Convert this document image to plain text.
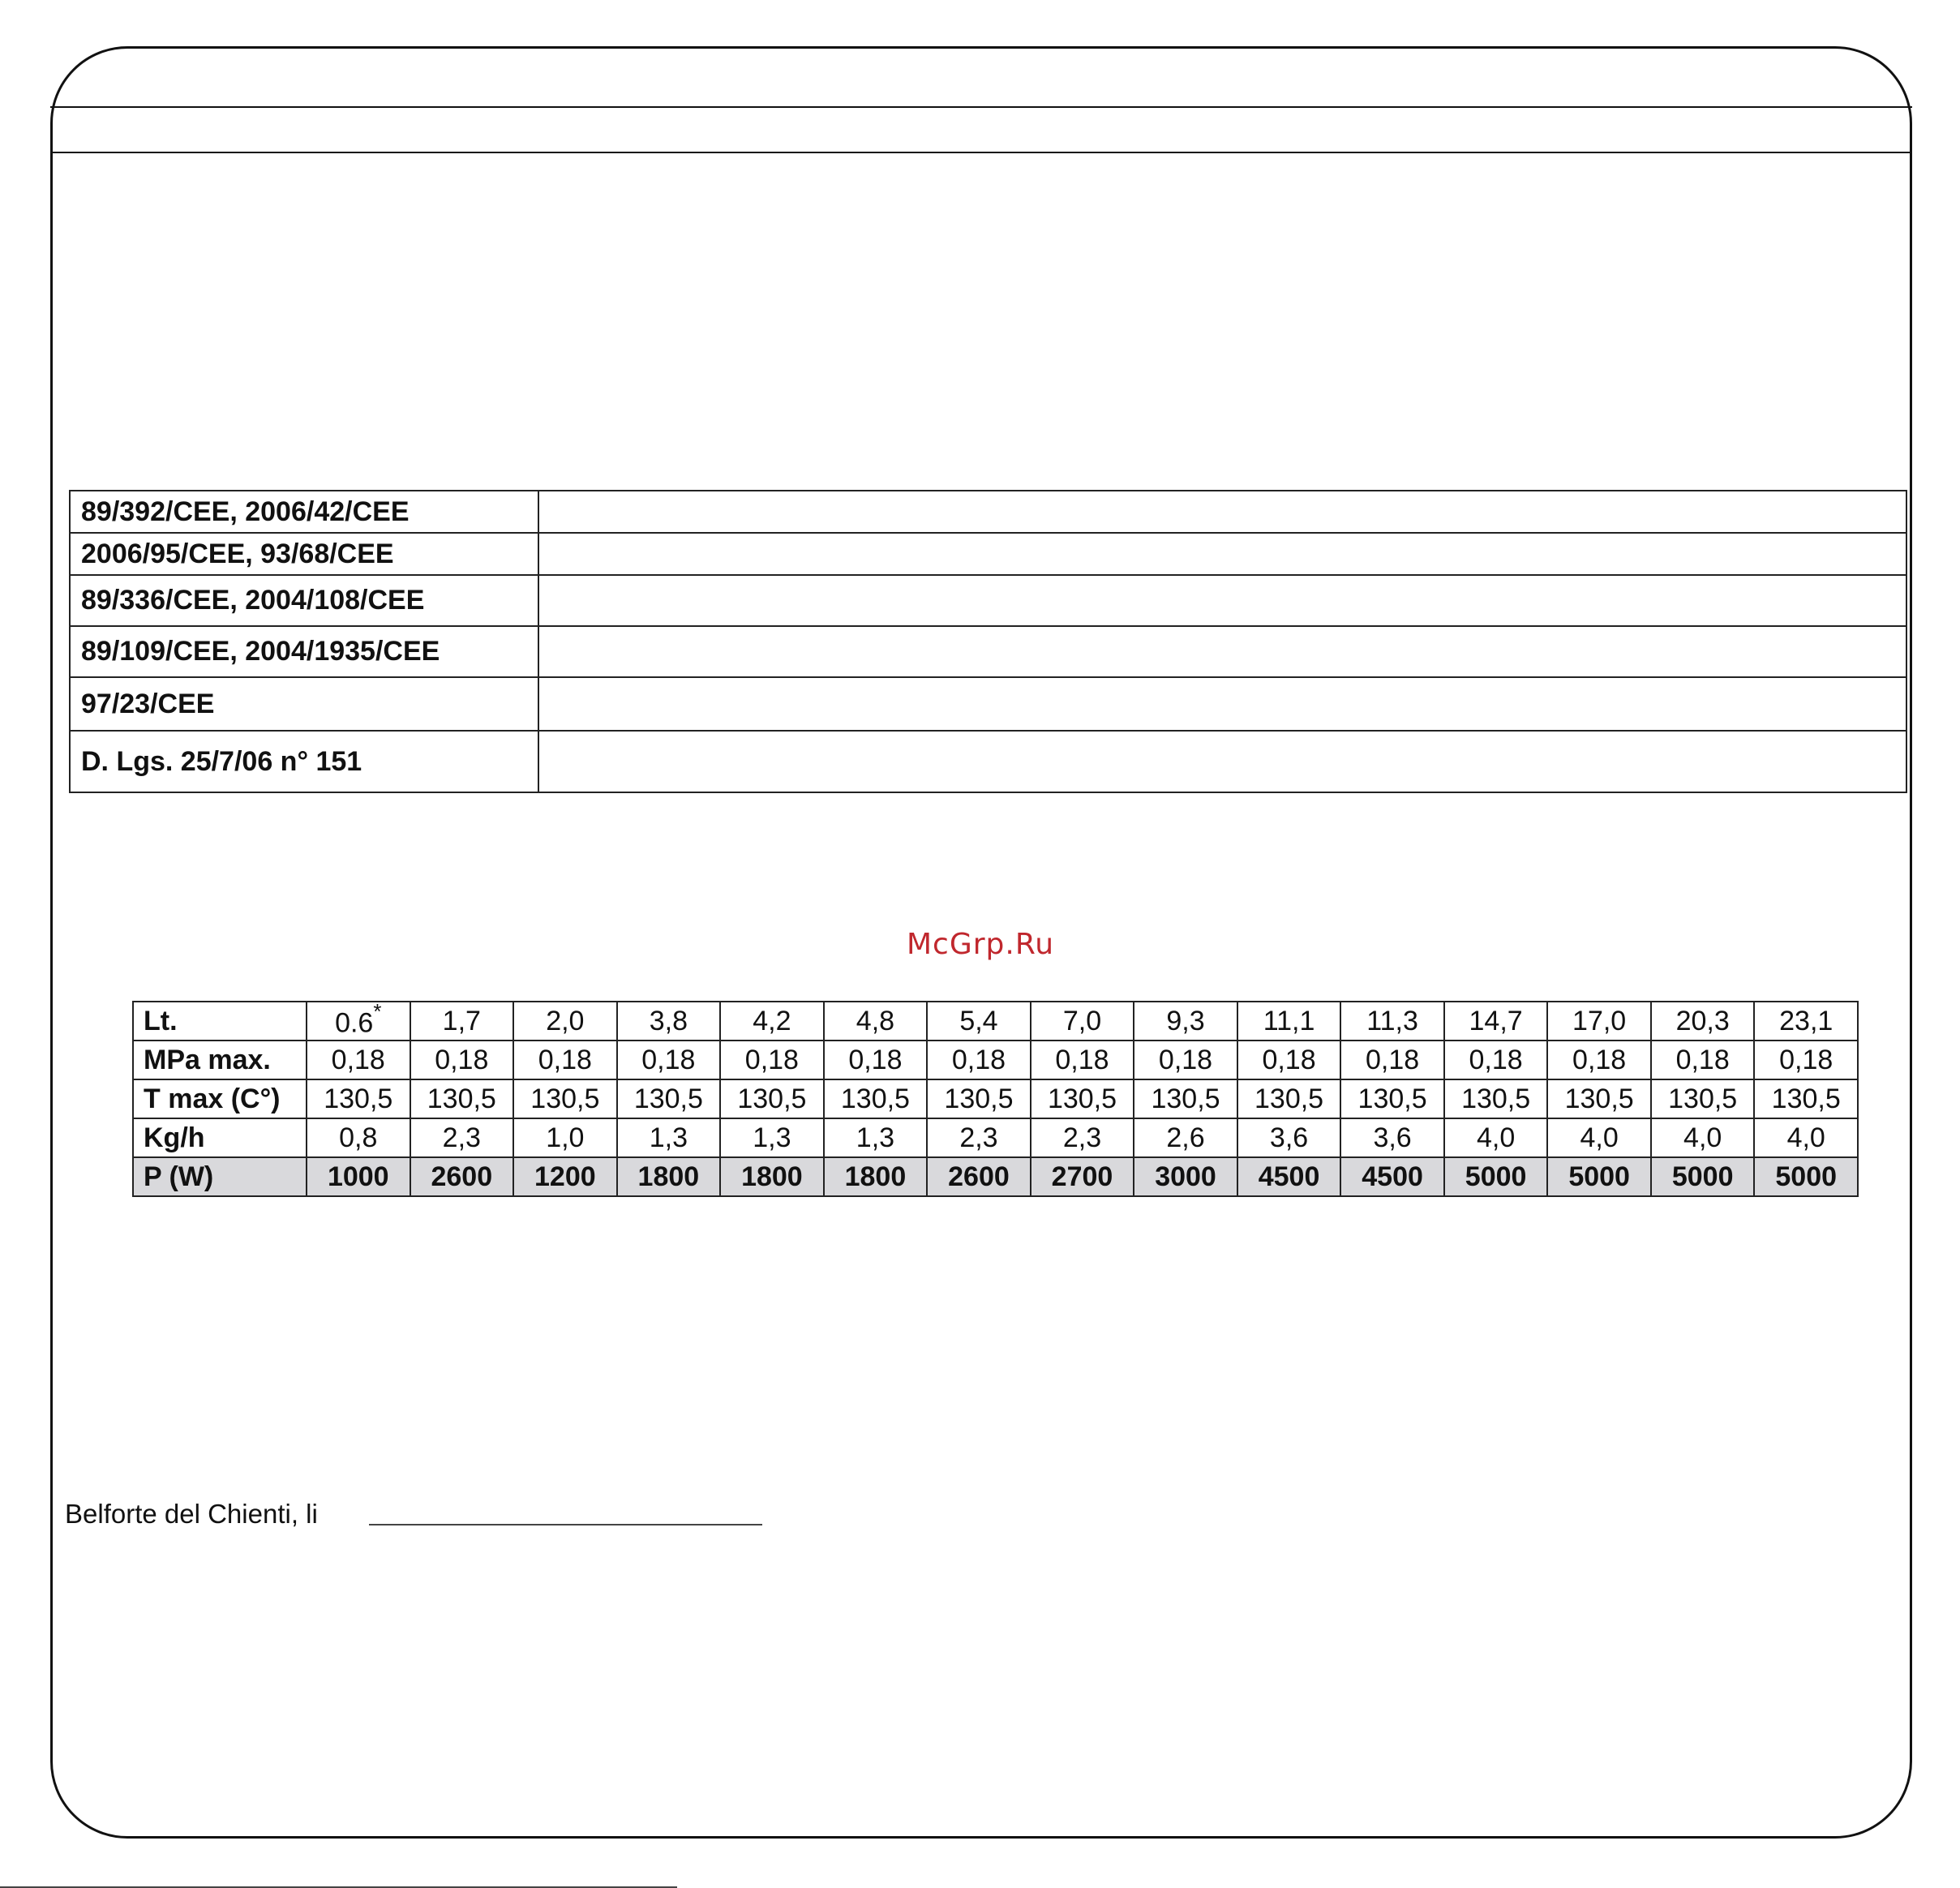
89/392/CEE, 2006/42/CEE	
2006/95/CEE, 93/68/CEE	
89/336/CEE, 2004/108/CEE	
89/109/CEE, 2004/1935/CEE	
97/23/CEE	
D. Lgs. 25/7/06 n° 151	
McGrp.Ru
Lt.	0.6*	1,7	2,0	3,8	4,2	4,8	5,4	7,0	9,3	11,1	11,3	14,7	17,0	20,3	23,1
MPa max.	0,18	0,18	0,18	0,18	0,18	0,18	0,18	0,18	0,18	0,18	0,18	0,18	0,18	0,18	0,18
T max (C°)	130,5	130,5	130,5	130,5	130,5	130,5	130,5	130,5	130,5	130,5	130,5	130,5	130,5	130,5	130,5
Kg/h	0,8	2,3	1,0	1,3	1,3	1,3	2,3	2,3	2,6	3,6	3,6	4,0	4,0	4,0	4,0
P (W)	1000	2600	1200	1800	1800	1800	2600	2700	3000	4500	4500	5000	5000	5000	5000
Belforte del Chienti, li
